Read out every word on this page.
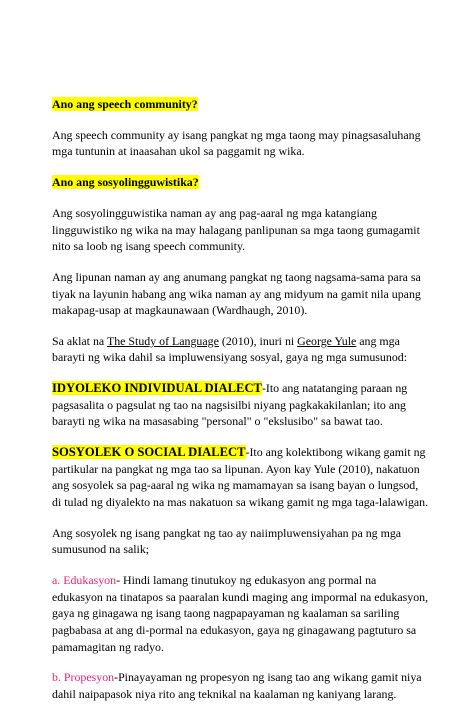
Ano ang speech community?

Ang speech community ay isang pangkat ng mga taong may pinagsasaluhang mga tuntunin at inaasahan ukol sa paggamit ng wika.

Ano ang sosyolingguwistika?

Ang sosyolingguwistika naman ay ang pag-aaral ng mga katangiang lingguwistiko ng wika na may halagang panlipunan sa mga taong gumagamit nito sa loob ng isang speech community.

Ang lipunan naman ay ang anumang pangkat ng taong nagsama-sama para sa tiyak na layunin habang ang wika naman ay ang midyum na gamit nila upang makapag-usap at magkaunawaan (Wardhaugh, 2010).

Sa aklat na The Study of Language (2010), inuri ni George Yule ang mga barayti ng wika dahil sa impluwensiyang sosyal, gaya ng mga sumusunod:

IDYOLEKO INDIVIDUAL DIALECT-Ito ang natatanging paraan ng pagsasalita o pagsulat ng tao na nagsisilbi niyang pagkakakilanlan; ito ang barayti ng wika na masasabing "personal" o "ekslusibo" sa bawat tao.

SOSYOLEK O SOCIAL DIALECT-Ito ang kolektibong wikang gamit ng partikular na pangkat ng mga tao sa lipunan. Ayon kay Yule (2010), nakatuon ang sosyolek sa pag-aaral ng wika ng mamamayan sa isang bayan o lungsod, di tulad ng diyalekto na mas nakatuon sa wikang gamit ng mga taga-lalawigan.

Ang sosyolek ng isang pangkat ng tao ay naiimpluwensiyahan pa ng mga sumusunod na salik;

a. Edukasyon- Hindi lamang tinutukoy ng edukasyon ang pormal na edukasyon na tinatapos sa paaralan kundi maging ang impormal na edukasyon, gaya ng ginagawa ng isang taong nagpapayaman ng kaalaman sa sariling pagbabasa at ang di-pormal na edukasyon, gaya ng ginagawang pagtuturo sa pamamagitan ng radyo.

b. Propesyon-Pinayayaman ng propesyon ng isang tao ang wikang gamit niya dahil naipapasok niya rito ang teknikal na kaalaman ng kaniyang larang.
